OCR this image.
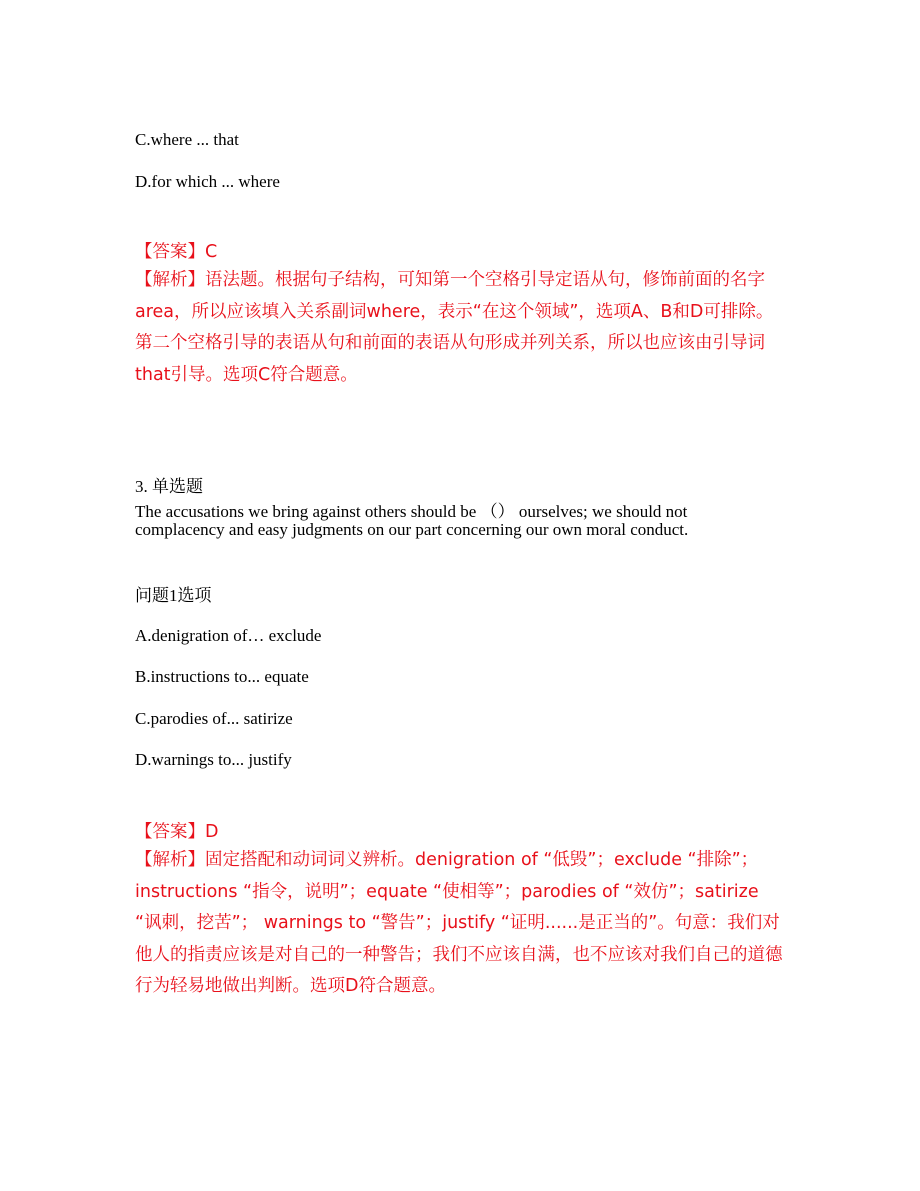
C.where ... that
D.for which ... where
【答案】C
【解析】语法题。根据句子结构，可知第一个空格引导定语从句，修饰前面的名字area，所以应该填入关系副词where，表示“在这个领域”，选项A、B和D可排除。第二个空格引导的表语从句和前面的表语从句形成并列关系，所以也应该由引导词that引导。选项C符合题意。
3. 单选题
The accusations we bring against others should be （） ourselves; we should not
complacency and easy judgments on our part concerning our own moral conduct.
问题1选项
A.denigration of… exclude
B.instructions to... equate
C.parodies of... satirize
D.warnings to... justify
【答案】D
【解析】固定搭配和动词词义辨析。denigration of “低毁”；exclude “排除”；instructions “指令，说明”；equate “使相等”；parodies of “效仿”；satirize “讽刺，挖苦”； warnings to “警告”；justify “证明......是正当的”。句意：我们对他人的指责应该是对自己的一种警告；我们不应该自满，也不应该对我们自己的道德行为轻易地做出判断。选项D符合题意。
